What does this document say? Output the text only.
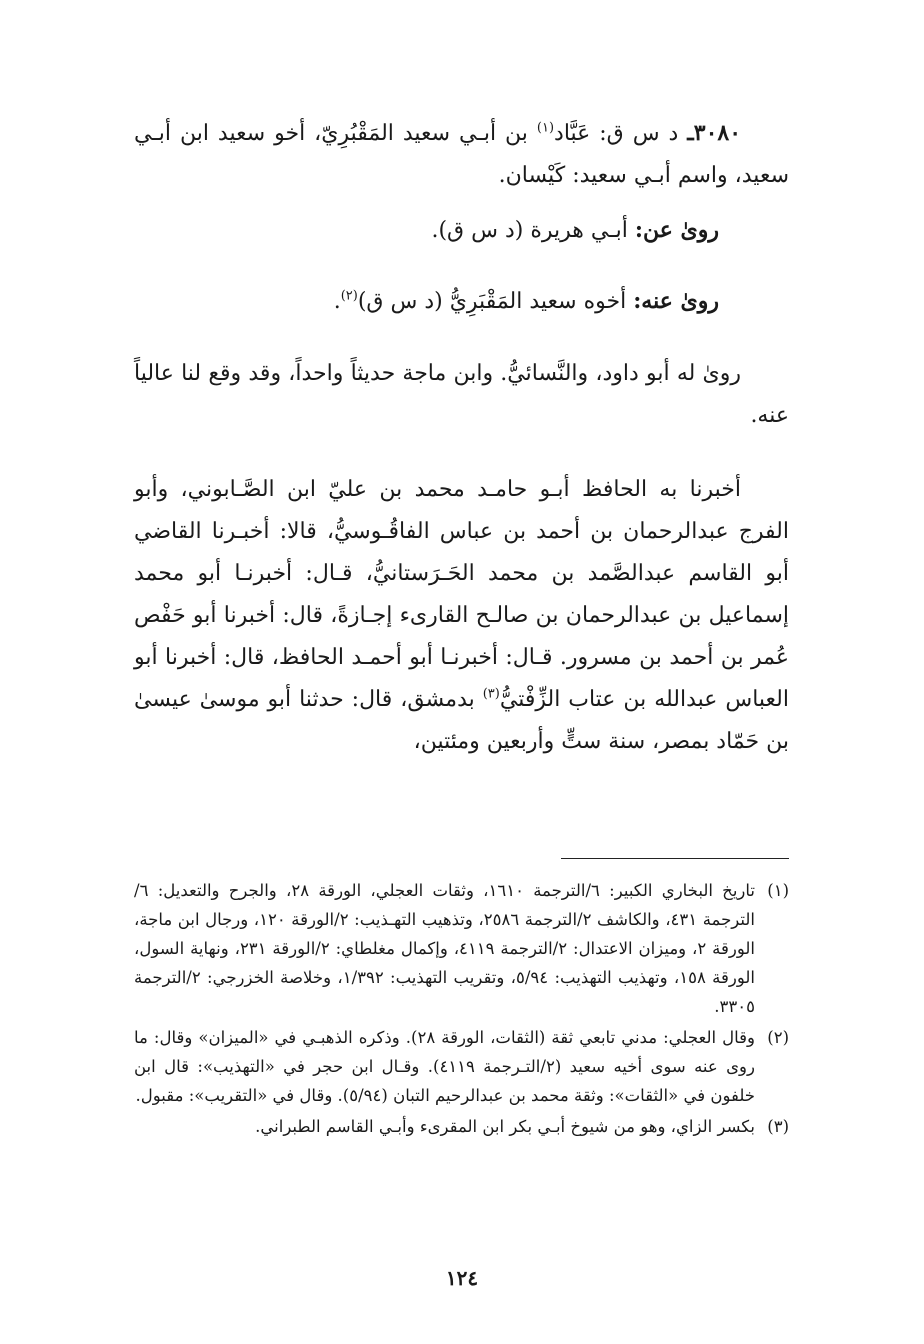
٣٠٨٠ـ د س ق: عَبَّاد$^{(١)}$ بن أبـي سعيد المَقْبُرِيّ، أخو سعيد ابن أبـي سعيد، واسم أبـي سعيد: كَيْسان.

روىٰ عن: أبـي هريرة (د س ق).

روىٰ عنه: أخوه سعيد المَقْبَرِيُّ (د س ق)$^{(٢)}$.

روىٰ له أبو داود، والنَّسائيُّ. وابن ماجة حديثاً واحداً، وقد وقع لنا عالياً عنه.

أخبرنا به الحافظ أبـو حامـد محمد بن عليّ ابن الصَّـابوني، وأبو الفرج عبدالرحمان بن أحمد بن عباس الفاقُـوسيُّ، قالا: أخبـرنا القاضي أبو القاسم عبدالصَّمد بن محمد الحَـرَستانيُّ، قـال: أخبرنـا أبو محمد إسماعيل بن عبدالرحمان بن صالـح القارىء إجـازةً، قال: أخبرنا أبو حَفْص عُمر بن أحمد بن مسرور. قـال: أخبرنـا أبو أحمـد الحافظ، قال: أخبرنا أبو العباس عبدالله بن عتاب الزِّفْتيُّ$^{(٣)}$ بدمشق، قال: حدثنا أبو موسىٰ عيسىٰ بن حَمّاد بمصر، سنة ستٍّ وأربعين ومئتين،

(١)
تاريخ البخاري الكبير: ٦/الترجمة ١٦١٠، وثقات العجلي، الورقة ٢٨، والجرح والتعديل: ٦/الترجمة ٤٣١، والكاشف ٢/الترجمة ٢٥٨٦، وتذهيب التهـذيب: ٢/الورقة ١٢٠، ورجال ابن ماجة، الورقة ٢، وميزان الاعتدال: ٢/الترجمة ٤١١٩، وإكمال مغلطاي: ٢/الورقة ٢٣١، ونهاية السول، الورقة ١٥٨، وتهذيب التهذيب: ٥/٩٤، وتقريب التهذيب: ١/٣٩٢، وخلاصة الخزرجي: ٢/الترجمة ٣٣٠٥.
(٢)
وقال العجلي: مدني تابعي ثقة (الثقات، الورقة ٢٨). وذكره الذهبـي في «الميزان» وقال: ما روى عنه سوى أخيه سعيد (٢/التـرجمة ٤١١٩). وقـال ابن حجر في «التهذيب»: قال ابن خلفون في «الثقات»: وثقة محمد بن عبدالرحيم التبان (٥/٩٤). وقال في «التقريب»: مقبول.
(٣)
بكسر الزاي، وهو من شيوخ أبـي بكر ابن المقرىء وأبـي القاسم الطبراني.
١٢٤
